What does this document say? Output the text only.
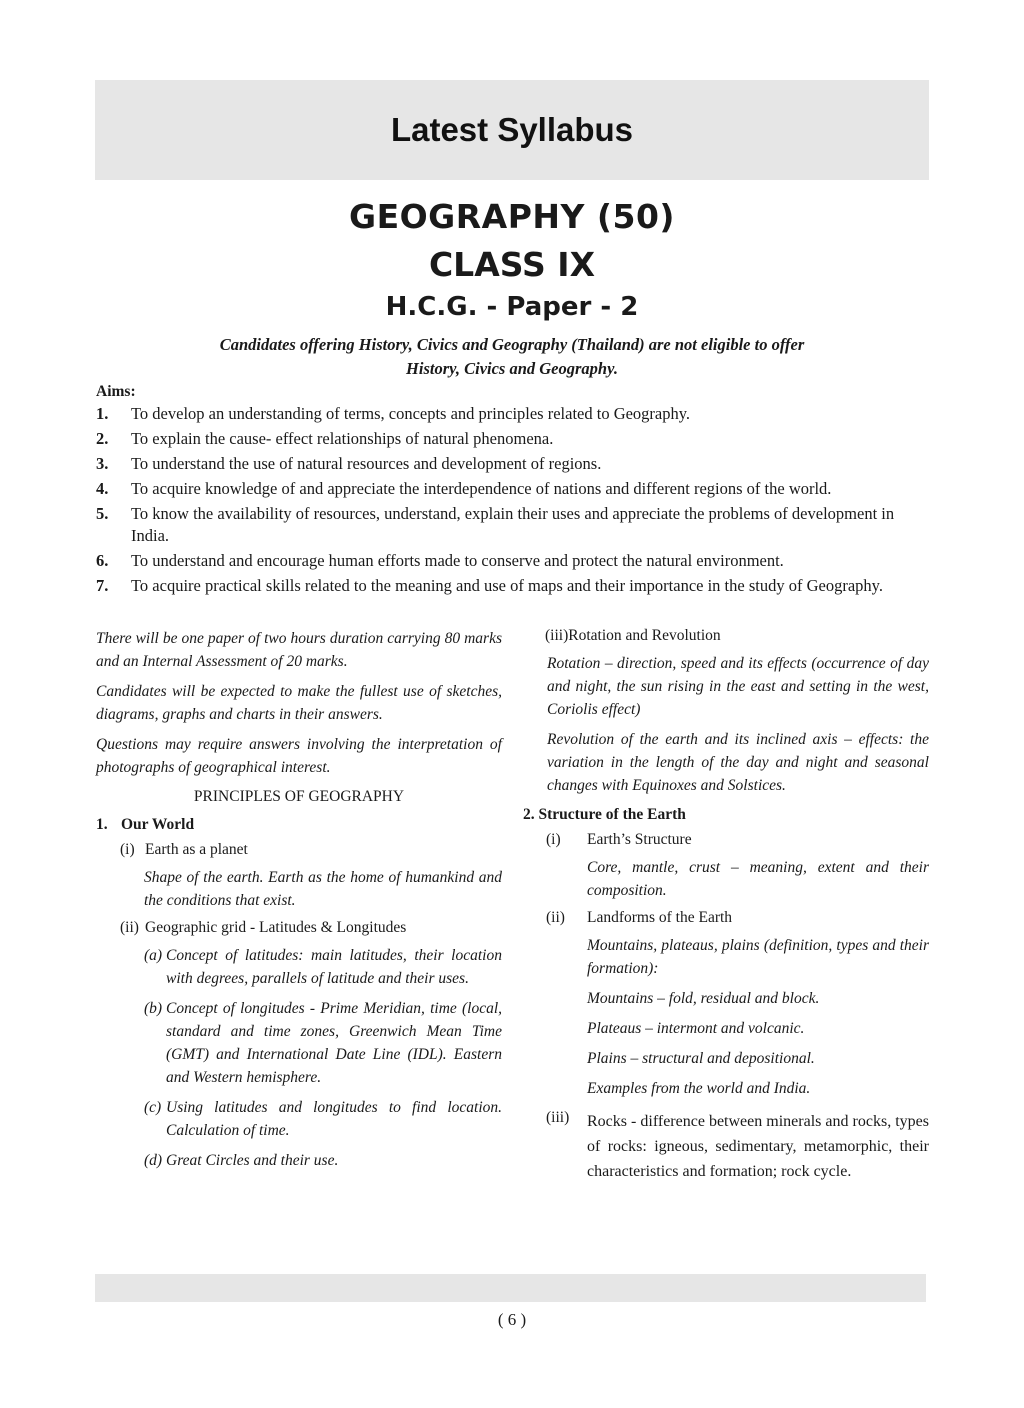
Latest Syllabus
GEOGRAPHY (50)
CLASS IX
H.C.G. - Paper - 2
Candidates offering History, Civics and Geography (Thailand) are not eligible to offer
History, Civics and Geography.
Aims:
1.	To develop an understanding of terms, concepts and principles related to Geography.
2.	To explain the cause- effect relationships of natural phenomena.
3.	To understand the use of natural resources and development of regions.
4.	To acquire knowledge of and appreciate the interdependence of nations and different regions of the world.
5.	To know the availability of resources, understand, explain their uses and appreciate the problems of development in India.
6.	To understand and encourage human efforts made to conserve and protect the natural environment.
7.	To acquire practical skills related to the meaning and use of maps and their importance in the study of Geography.

There will be one paper of two hours duration carrying 80 marks and an Internal Assessment of 20 marks.

Candidates will be expected to make the fullest use of sketches, diagrams, graphs and charts in their answers.

Questions may require answers involving the interpretation of photographs of geographical interest.

PRINCIPLES OF GEOGRAPHY

1. Our World
(i) Earth as a planet

Shape of the earth. Earth as the home of humankind and the conditions that exist.

(ii) Geographic grid - Latitudes & Longitudes
(a) Concept of latitudes: main latitudes, their location with degrees, parallels of latitude and their uses.
(b) Concept of longitudes - Prime Meridian, time (local, standard and time zones, Greenwich Mean Time (GMT) and International Date Line (IDL). Eastern and Western hemisphere.
(c) Using latitudes and longitudes to find location. Calculation of time.
(d) Great Circles and their use.
(iii) Rotation and Revolution

Rotation – direction, speed and its effects (occurrence of day and night, the sun rising in the east and setting in the west, Coriolis effect)

Revolution of the earth and its inclined axis – effects: the variation in the length of the day and night and seasonal changes with Equinoxes and Solstices.

2. Structure of the Earth

(i)	Earth’s Structure

Core, mantle, crust – meaning, extent and their composition.

(ii)	Landforms of the Earth

Mountains, plateaus, plains (definition, types and their formation):

Mountains – fold, residual and block.

Plateaus – intermont and volcanic.

Plains – structural and depositional.

Examples from the world and India.

(iii)	Rocks - difference between minerals and rocks, types of rocks: igneous, sedimentary, metamorphic, their characteristics and formation; rock cycle.
( 6 )
